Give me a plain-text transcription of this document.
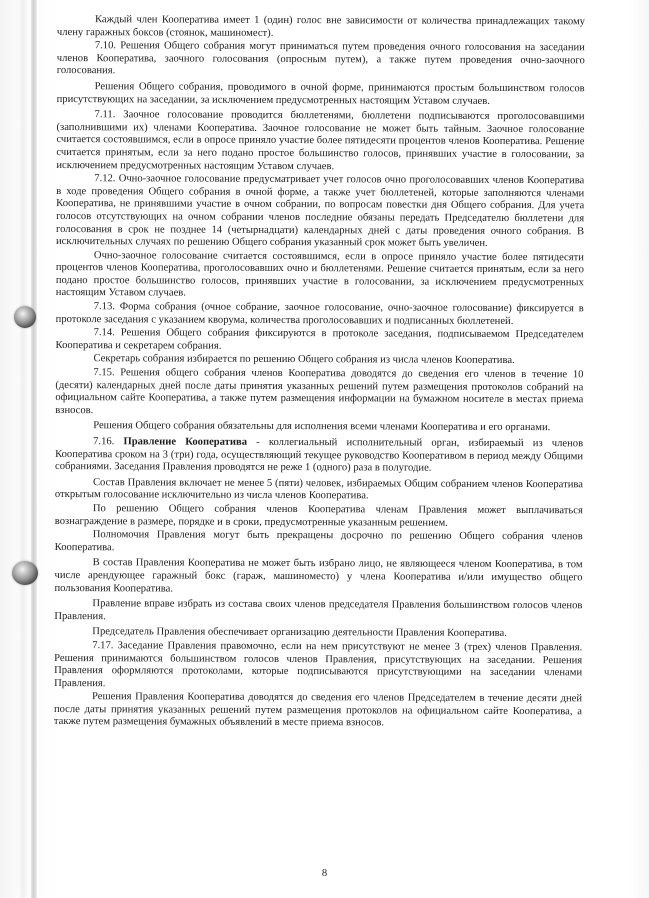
Каждый член Кооператива имеет 1 (один) голос вне зависимости от количества принадлежащих такому члену гаражных боксов (стоянок, машиномест).

7.10. Решения Общего собрания могут приниматься путем проведения очного голосования на заседании членов Кооператива, заочного голосования (опросным путем), а также путем проведения очно-заочного голосования.

Решения Общего собрания, проводимого в очной форме, принимаются простым большинством голосов присутствующих на заседании, за исключением предусмотренных настоящим Уставом случаев.

7.11. Заочное голосование проводится бюллетенями, бюллетени подписываются проголосовавшими (заполнившими их) членами Кооператива. Заочное голосование не может быть тайным. Заочное голосование считается состоявшимся, если в опросе приняло участие более пятидесяти процентов членов Кооператива. Решение считается принятым, если за него подано простое большинство голосов, принявших участие в голосовании, за исключением предусмотренных настоящим Уставом случаев.

7.12. Очно-заочное голосование предусматривает учет голосов очно проголосовавших членов Кооператива в ходе проведения Общего собрания в очной форме, а также учет бюллетеней, которые заполняются членами Кооператива, не принявшими участие в очном собрании, по вопросам повестки дня Общего собрания. Для учета голосов отсутствующих на очном собрании членов последние обязаны передать Председателю бюллетени для голосования в срок не позднее 14 (четырнадцати) календарных дней с даты проведения очного собрания. В исключительных случаях по решению Общего собрания указанный срок может быть увеличен.

Очно-заочное голосование считается состоявшимся, если в опросе приняло участие более пятидесяти процентов членов Кооператива, проголосовавших очно и бюллетенями. Решение считается принятым, если за него подано простое большинство голосов, принявших участие в голосовании, за исключением предусмотренных настоящим Уставом случаев.

7.13. Форма собрания (очное собрание, заочное голосование, очно-заочное голосование) фиксируется в протоколе заседания с указанием кворума, количества проголосовавших и подписанных бюллетеней.

7.14. Решения Общего собрания фиксируются в протоколе заседания, подписываемом Председателем Кооператива и секретарем собрания.

Секретарь собрания избирается по решению Общего собрания из числа членов Кооператива.

7.15. Решения общего собрания членов Кооператива доводятся до сведения его членов в течение 10 (десяти) календарных дней после даты принятия указанных решений путем размещения протоколов собраний на официальном сайте Кооператива, а также путем размещения информации на бумажном носителе в местах приема взносов.

Решения Общего собрания обязательны для исполнения всеми членами Кооператива и его органами.

7.16. Правление Кооператива - коллегиальный исполнительный орган, избираемый из членов Кооператива сроком на 3 (три) года, осуществляющий текущее руководство Кооперативом в период между Общими собраниями. Заседания Правления проводятся не реже 1 (одного) раза в полугодие.

Состав Правления включает не менее 5 (пяти) человек, избираемых Общим собранием членов Кооператива открытым голосование исключительно из числа членов Кооператива.

По решению Общего собрания членов Кооператива членам Правления может выплачиваться вознаграждение в размере, порядке и в сроки, предусмотренные указанным решением.

Полномочия Правления могут быть прекращены досрочно по решению Общего собрания членов Кооператива.

В состав Правления Кооператива не может быть избрано лицо, не являющееся членом Кооператива, в том числе арендующее гаражный бокс (гараж, машиноместо) у члена Кооператива и/или имущество общего пользования Кооператива.

Правление вправе избрать из состава своих членов председателя Правления большинством голосов членов Правления.

Председатель Правления обеспечивает организацию деятельности Правления Кооператива.

7.17. Заседание Правления правомочно, если на нем присутствуют не менее 3 (трех) членов Правления. Решения принимаются большинством голосов членов Правления, присутствующих на заседании. Решения Правления оформляются протоколами, которые подписываются присутствующими на заседании членами Правления.

Решения Правления Кооператива доводятся до сведения его членов Председателем в течение десяти дней после даты принятия указанных решений путем размещения протоколов на официальном сайте Кооператива, а также путем размещения бумажных объявлений в месте приема взносов.

8
